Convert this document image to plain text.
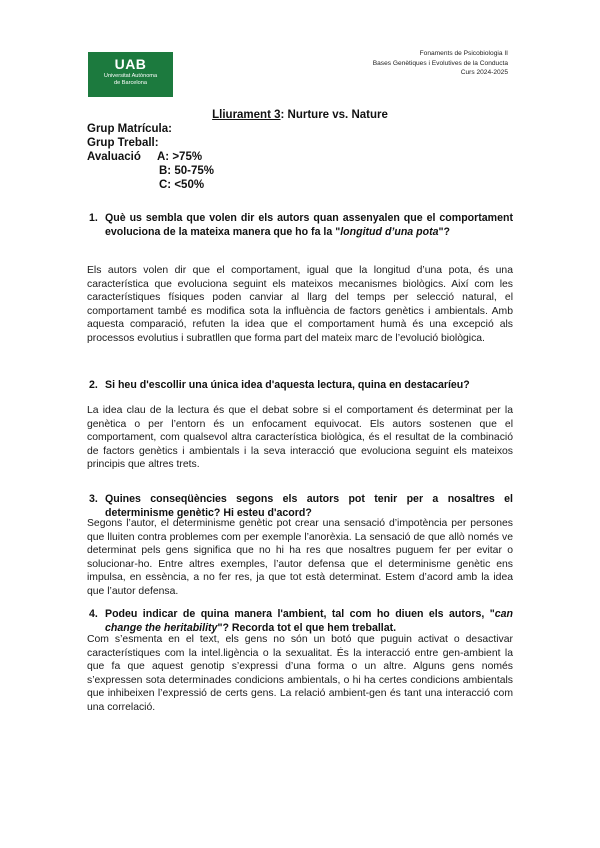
UAB
Universitat Autònoma
de Barcelona
Fonaments de Psicobiologia II
Bases Genètiques i Evolutives de la Conducta
Curs 2024-2025
Lliurament 3: Nurture vs. Nature
Grup Matrícula:
Grup Treball:
Avaluació	A: >75%
B: 50-75%
C: <50%
1. Què us sembla que volen dir els autors quan assenyalen que el comportament evoluciona de la mateixa manera que ho fa la "longitud d’una pota"?
Els autors volen dir que el comportament, igual que la longitud d’una pota, és una característica que evoluciona seguint els mateixos mecanismes biològics. Així com les característiques físiques poden canviar al llarg del temps per selecció natural, el comportament també es modifica sota la influència de factors genètics i ambientals. Amb aquesta comparació, refuten la idea que el comportament humà és una excepció als processos evolutius i subratllen que forma part del mateix marc de l’evolució biològica.
2. Si heu d'escollir una única idea d'aquesta lectura, quina en destacaríeu?
La idea clau de la lectura és que el debat sobre si el comportament és determinat per la genètica o per l’entorn és un enfocament equivocat. Els autors sostenen que el comportament, com qualsevol altra característica biològica, és el resultat de la combinació de factors genètics i ambientals i la seva interacció que evoluciona seguint els mateixos principis que altres trets.
3. Quines conseqüències segons els autors pot tenir per a nosaltres el determinisme genètic? Hi esteu d'acord?
Segons l’autor, el determinisme genètic pot crear una sensació d’impotència per persones que lluiten contra problemes com per exemple l’anorèxia. La sensació de que allò només ve determinat pels gens significa que no hi ha res que nosaltres puguem fer per evitar o solucionar-ho. Entre altres exemples, l’autor defensa que el determinisme genètic ens impulsa, en essència, a no fer res, ja que tot està determinat. Estem d’acord amb la idea que l’autor defensa.
4. Podeu indicar de quina manera l'ambient, tal com ho diuen els autors, "can change the heritability"? Recorda tot el que hem treballat.
Com s’esmenta en el text, els gens no són un botó que puguin activat o desactivar característiques com la intel.ligència o la sexualitat. És la interacció entre gen-ambient la que fa que aquest genotip s’expressi d’una forma o un altre. Alguns gens només s’expressen sota determinades condicions ambientals, o hi ha certes condicions ambientals que inhibeixen l’expressió de certs gens. La relació ambient-gen és tant una interacció com una correlació.
